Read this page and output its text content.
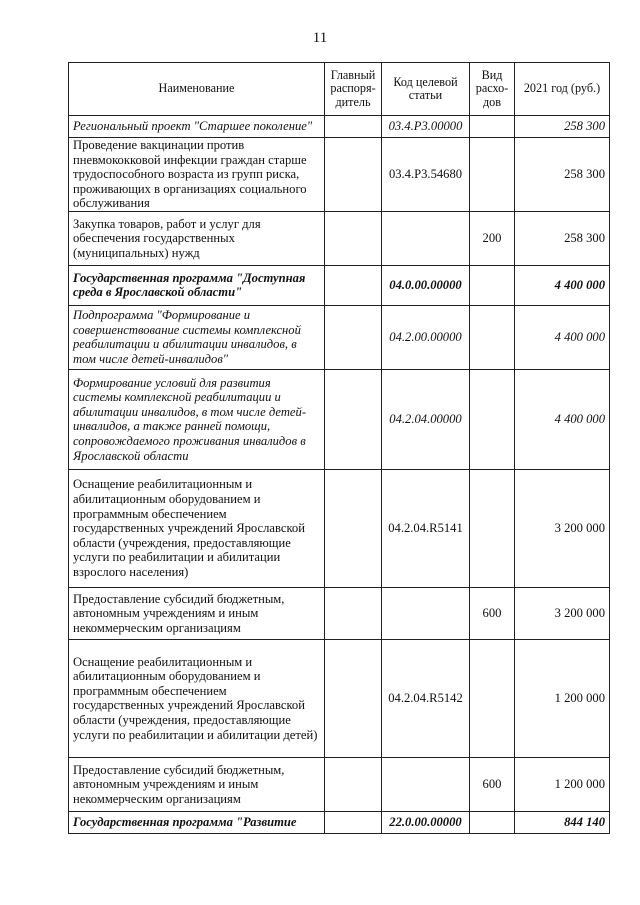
11
Наименование	Главный распоря-дитель	Код целевой статьи	Вид расхо-дов	2021 год (руб.)
Региональный проект "Старшее поколение"		03.4.P3.00000		258 300
Проведение вакцинации против пневмококковой инфекции граждан старше трудоспособного возраста из групп риска, проживающих в организациях социального обслуживания		03.4.P3.54680		258 300
Закупка товаров, работ и услуг для обеспечения государственных (муниципальных) нужд			200	258 300
Государственная программа "Доступная среда в Ярославской области"		04.0.00.00000		4 400 000
Подпрограмма "Формирование и совершенствование системы комплексной реабилитации и абилитации инвалидов, в том числе детей-инвалидов"		04.2.00.00000		4 400 000
Формирование условий для развития системы комплексной реабилитации и абилитации инвалидов, в том числе детей-инвалидов, а также ранней помощи, сопровождаемого проживания инвалидов в Ярославской области		04.2.04.00000		4 400 000
Оснащение реабилитационным и абилитационным оборудованием и программным обеспечением государственных учреждений Ярославской области (учреждения, предоставляющие услуги по реабилитации и абилитации взрослого населения)		04.2.04.R5141		3 200 000
Предоставление субсидий бюджетным, автономным учреждениям и иным некоммерческим организациям			600	3 200 000
Оснащение реабилитационным и абилитационным оборудованием и программным обеспечением государственных учреждений Ярославской области (учреждения, предоставляющие услуги по реабилитации и абилитации детей)		04.2.04.R5142		1 200 000
Предоставление субсидий бюджетным, автономным учреждениям и иным некоммерческим организациям			600	1 200 000
Государственная программа "Развитие		22.0.00.00000		844 140
